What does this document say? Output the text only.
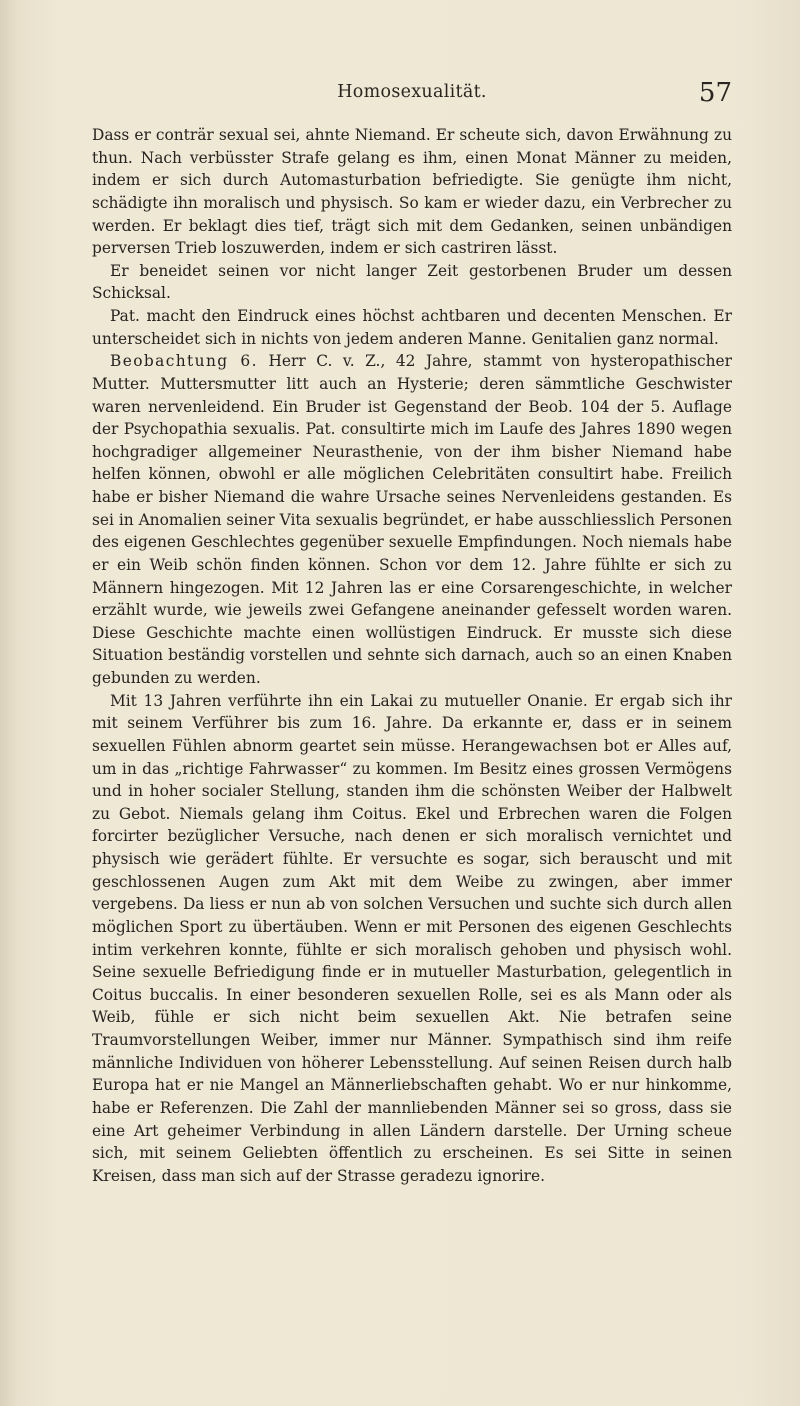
Homosexualität.	57

Dass er conträr sexual sei, ahnte Niemand. Er scheute sich, davon Erwähnung zu thun. Nach verbüsster Strafe gelang es ihm, einen Monat Männer zu meiden, indem er sich durch Automasturbation befriedigte. Sie genügte ihm nicht, schädigte ihn moralisch und physisch. So kam er wieder dazu, ein Verbrecher zu werden. Er beklagt dies tief, trägt sich mit dem Gedanken, seinen unbändigen perversen Trieb loszuwerden, indem er sich castriren lässt.

Er beneidet seinen vor nicht langer Zeit gestorbenen Bruder um dessen Schicksal.

Pat. macht den Eindruck eines höchst achtbaren und decenten Menschen. Er unterscheidet sich in nichts von jedem anderen Manne. Genitalien ganz normal.

Beobachtung 6. Herr C. v. Z., 42 Jahre, stammt von hysteropathischer Mutter. Muttersmutter litt auch an Hysterie; deren sämmtliche Geschwister waren nervenleidend. Ein Bruder ist Gegenstand der Beob. 104 der 5. Auflage der Psychopathia sexualis. Pat. consultirte mich im Laufe des Jahres 1890 wegen hochgradiger allgemeiner Neurasthenie, von der ihm bisher Niemand habe helfen können, obwohl er alle möglichen Celebritäten consultirt habe. Freilich habe er bisher Niemand die wahre Ursache seines Nervenleidens gestanden. Es sei in Anomalien seiner Vita sexualis begründet, er habe ausschliesslich Personen des eigenen Geschlechtes gegenüber sexuelle Empfindungen. Noch niemals habe er ein Weib schön finden können. Schon vor dem 12. Jahre fühlte er sich zu Männern hingezogen. Mit 12 Jahren las er eine Corsarengeschichte, in welcher erzählt wurde, wie jeweils zwei Gefangene aneinander gefesselt worden waren. Diese Geschichte machte einen wollüstigen Eindruck. Er musste sich diese Situation beständig vorstellen und sehnte sich darnach, auch so an einen Knaben gebunden zu werden.

Mit 13 Jahren verführte ihn ein Lakai zu mutueller Onanie. Er ergab sich ihr mit seinem Verführer bis zum 16. Jahre. Da erkannte er, dass er in seinem sexuellen Fühlen abnorm geartet sein müsse. Herangewachsen bot er Alles auf, um in das „richtige Fahrwasser“ zu kommen. Im Besitz eines grossen Vermögens und in hoher socialer Stellung, standen ihm die schönsten Weiber der Halbwelt zu Gebot. Niemals gelang ihm Coitus. Ekel und Erbrechen waren die Folgen forcirter bezüglicher Versuche, nach denen er sich moralisch vernichtet und physisch wie gerädert fühlte. Er versuchte es sogar, sich berauscht und mit geschlossenen Augen zum Akt mit dem Weibe zu zwingen, aber immer vergebens. Da liess er nun ab von solchen Versuchen und suchte sich durch allen möglichen Sport zu übertäuben. Wenn er mit Personen des eigenen Geschlechts intim verkehren konnte, fühlte er sich moralisch gehoben und physisch wohl. Seine sexuelle Befriedigung finde er in mutueller Masturbation, gelegentlich in Coitus buccalis. In einer besonderen sexuellen Rolle, sei es als Mann oder als Weib, fühle er sich nicht beim sexuellen Akt. Nie betrafen seine Traumvorstellungen Weiber, immer nur Männer. Sympathisch sind ihm reife männliche Individuen von höherer Lebensstellung. Auf seinen Reisen durch halb Europa hat er nie Mangel an Männerliebschaften gehabt. Wo er nur hinkomme, habe er Referenzen. Die Zahl der mannliebenden Männer sei so gross, dass sie eine Art geheimer Verbindung in allen Ländern darstelle. Der Urning scheue sich, mit seinem Geliebten öffentlich zu erscheinen. Es sei Sitte in seinen Kreisen, dass man sich auf der Strasse geradezu ignorire.
